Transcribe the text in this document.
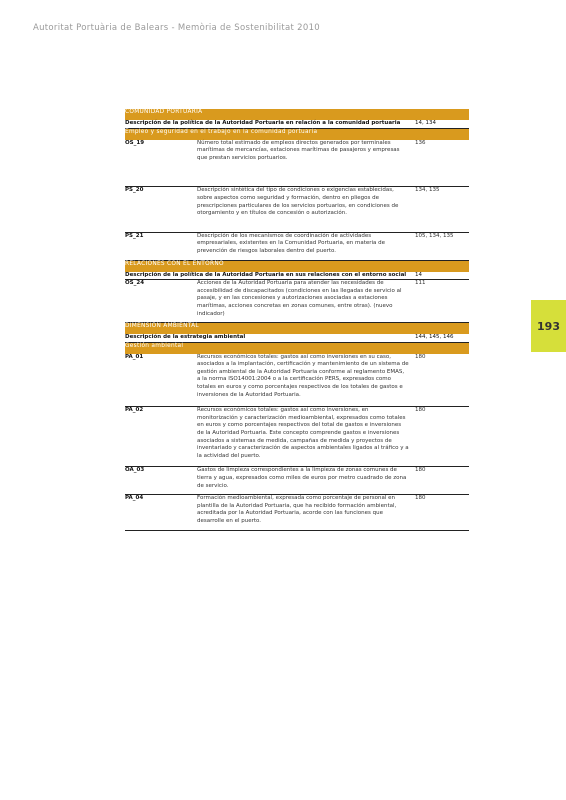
Autoritat Portuària de Balears - Memòria de Sostenibilitat 2010
193
COMUNIDAD PORTUARIA		
Descripción de la política de la Autoridad Portuaria en relación a la comunidad portuaria		14, 134
Empleo y seguridad en el trabajo en la comunidad portuaria		
OS_19	Número total estimado de empleos directos generados por terminales marítimas de mercancías, estaciones marítimas de pasajeros y empresas que prestan servicios portuarios.	136
PS_20	Descripción sintética del tipo de condiciones o exigencias establecidas, sobre aspectos como seguridad y formación, dentro en pliegos de prescripciones particulares de los servicios portuarios, en condiciones de otorgamiento y en títulos de concesión o autorización.	134, 135
PS_21	Descripción de los mecanismos de coordinación de actividades empresariales, existentes en la Comunidad Portuaria, en materia de prevención de riesgos laborales dentro del puerto.	105, 134, 135
RELACIONES CON EL ENTORNO		
Descripción de la política de la Autoridad Portuaria en sus relaciones con el entorno social		14
OS_24	Acciones de la Autoridad Portuaria para atender las necesidades de accesibilidad de discapacitados (condiciones en las llegadas de servicio al pasaje, y en las concesiones y autorizaciones asociadas a estaciones marítimas, acciones concretas en zonas comunes, entre otras). (nuevo indicador)	111
DIMENSIÓN AMBIENTAL		
Descripción de la estrategia ambiental		144, 145, 146
Gestión ambiental		
PA_01	Recursos económicos totales: gastos así como inversiones en su caso, asociados a la implantación, certificación y mantenimiento de un sistema de gestión ambiental de la Autoridad Portuaria conforme al reglamento EMAS, a la norma ISO14001:2004 o a la certificación PERS, expresados como totales en euros y como porcentajes respectivos de los totales de gastos e inversiones de la Autoridad Portuaria.	180
PA_02	Recursos económicos totales: gastos así como inversiones, en monitorización y caracterización medioambiental, expresados como totales en euros y como porcentajes respectivos del total de gastos e inversiones de la Autoridad Portuaria. Este concepto comprende gastos e inversiones asociados a sistemas de medida, campañas de medida y proyectos de inventariado y caracterización de aspectos ambientales ligados al tráfico y a la actividad del puerto.	180
OA_03	Gastos de limpieza correspondientes a la limpieza de zonas comunes de tierra y agua, expresados como miles de euros por metro cuadrado de zona de servicio.	180
PA_04	Formación medioambiental, expresada como porcentaje de personal en plantilla de la Autoridad Portuaria, que ha recibido formación ambiental, acreditada por la Autoridad Portuaria, acorde con las funciones que desarrolle en el puerto.	180
